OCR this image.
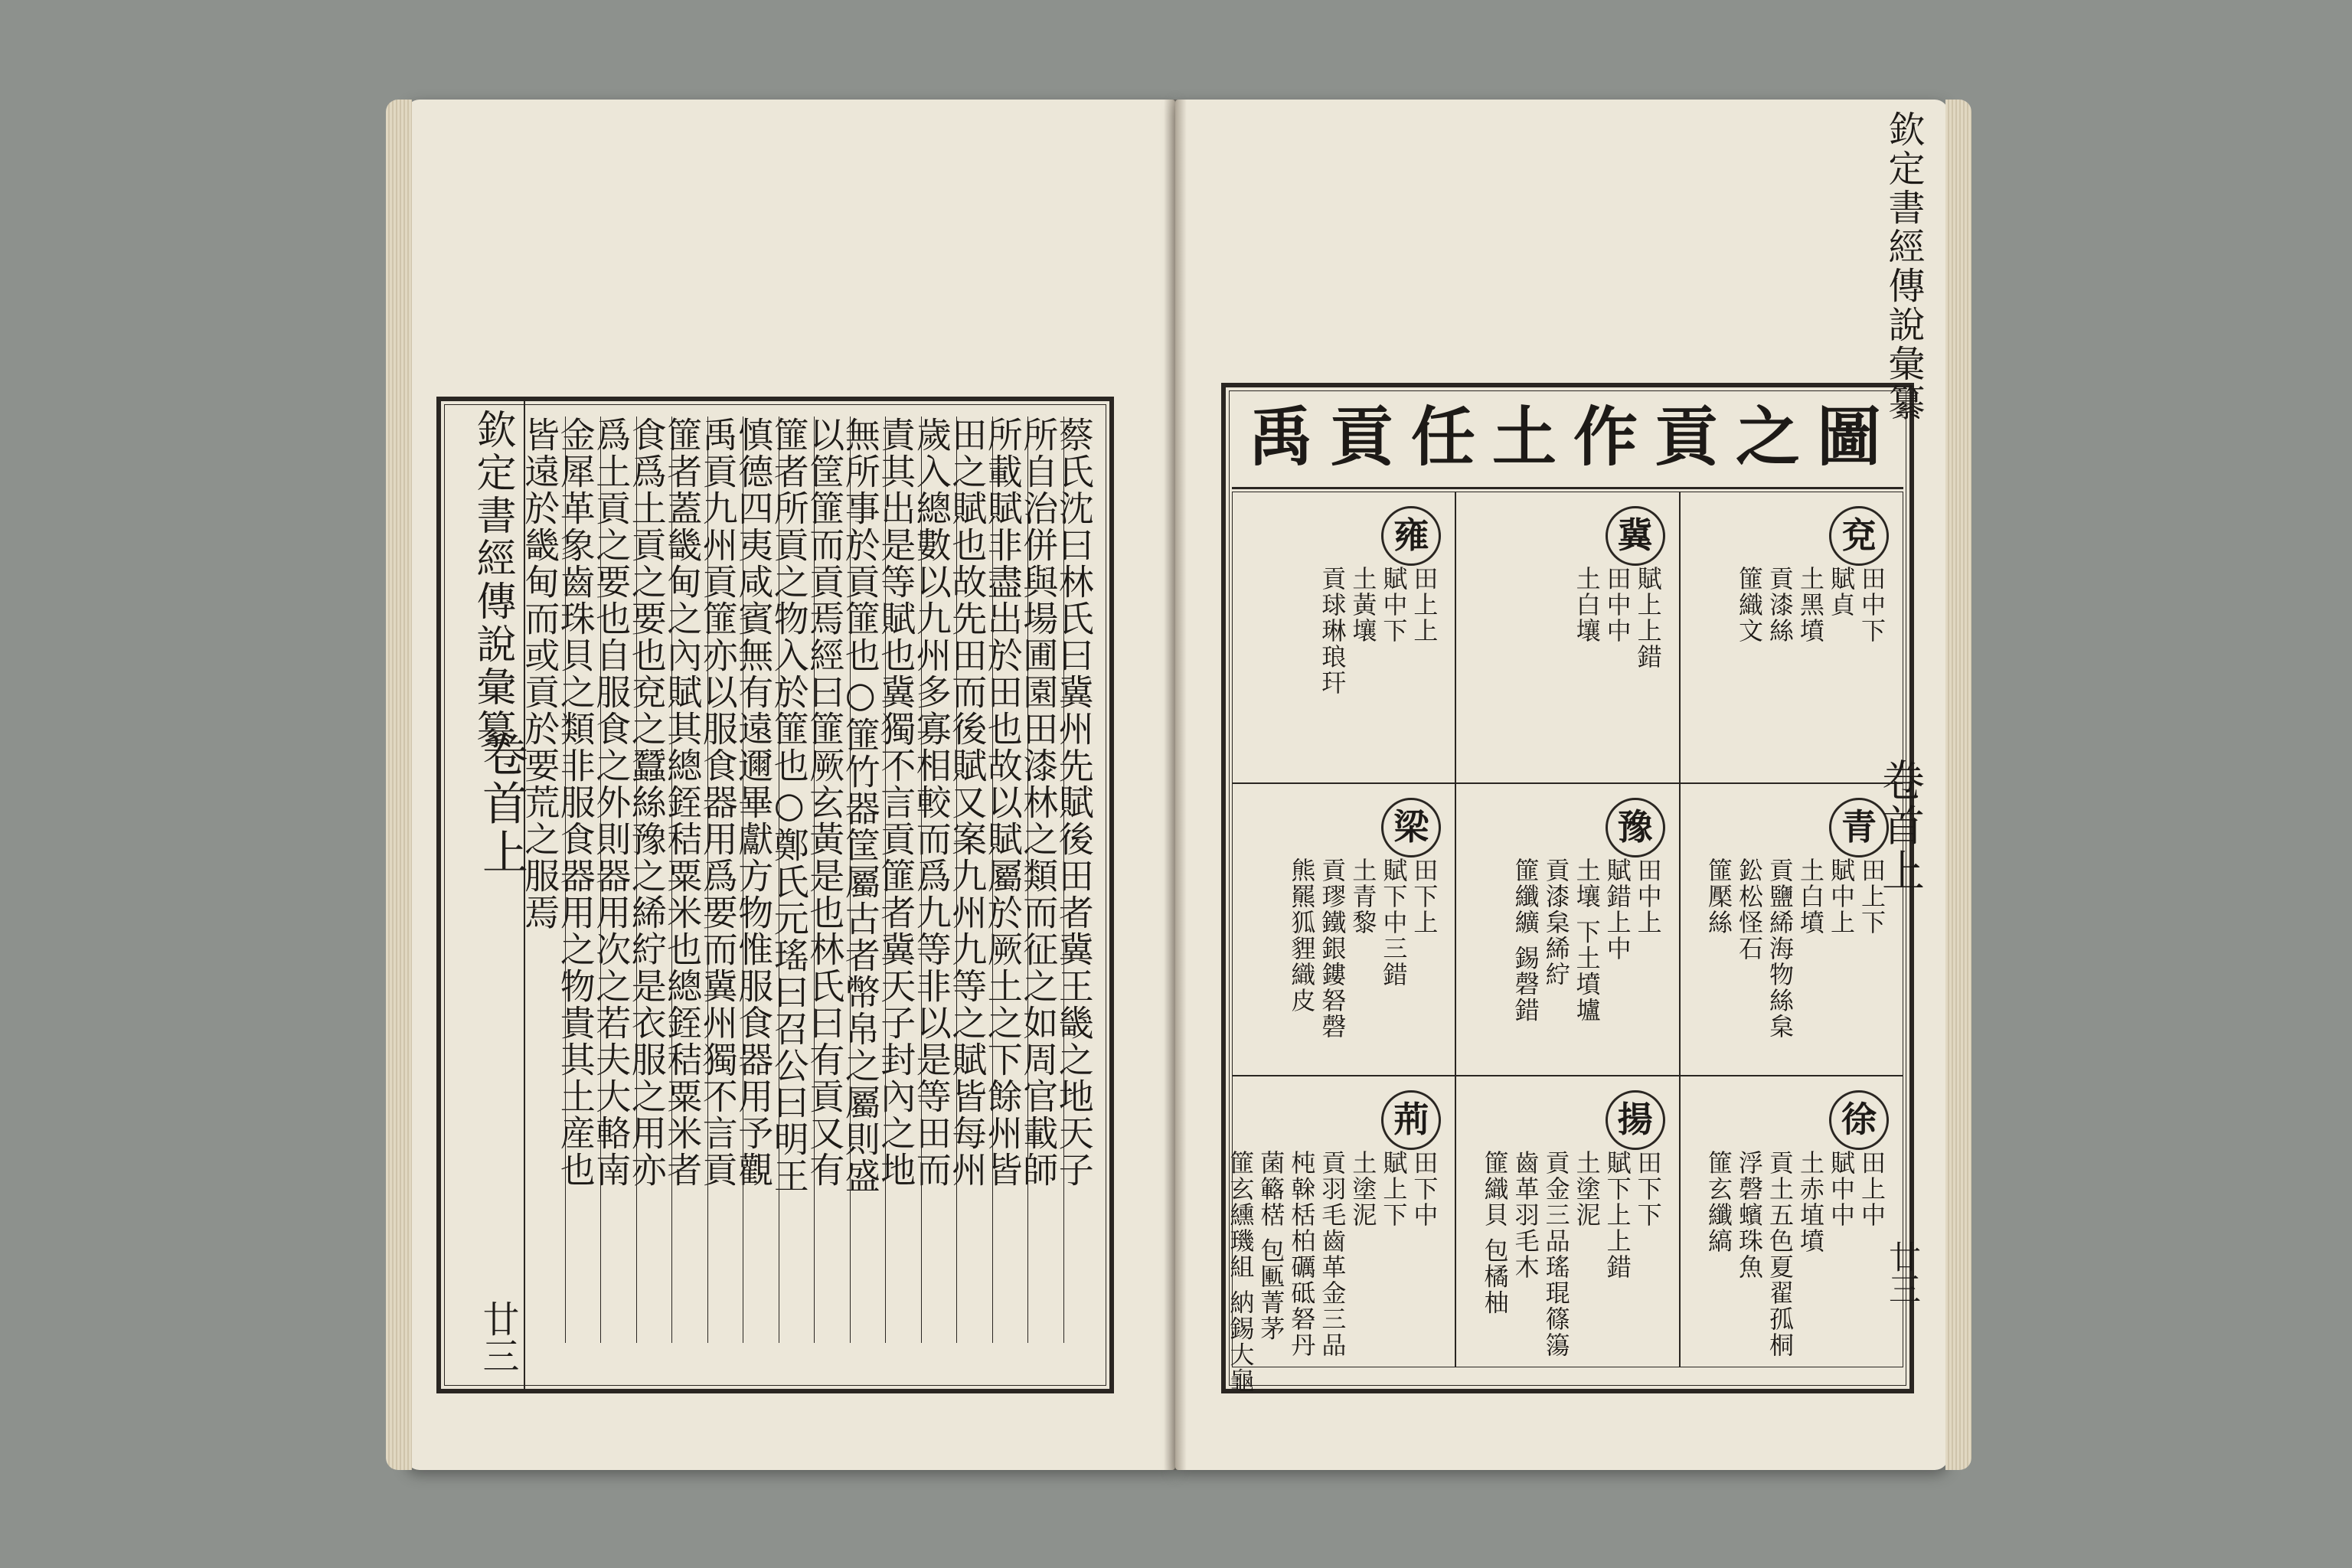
欽定書經傳說彙纂
卷首上
廿三
蔡氏沈曰林氏曰冀州先賦後田者冀王畿之地天子
所自治併與場圃園田漆林之類而征之如周官載師
所載賦非盡出於田也故以賦屬於厥土之下餘州皆
田之賦也故先田而後賦又案九州九等之賦皆每州
歲入總數以九州多寡相較而爲九等非以是等田而
責其出是等賦也冀獨不言貢篚者冀天子封內之地
無所事於貢篚也○篚竹器筐屬古者幣帛之屬則盛
以筐篚而貢焉經曰篚厥玄黃是也林氏曰有貢又有
篚者所貢之物入於篚也○鄭氏元瑤曰召公曰明王
慎德四夷咸賓無有遠邇畢獻方物惟服食器用予觀
禹貢九州貢篚亦以服食器用爲要而冀州獨不言貢
篚者蓋畿甸之內賦其總銍秸粟米也總銍秸粟米者
食爲土貢之要也兗之蠶絲豫之絺紵是衣服之用亦
爲土貢之要也自服食之外則器用次之若夫大輅南
金犀革象齒珠貝之類非服食器用之物貴其土産也
皆遠於畿甸而或貢於要荒之服焉	禹貢任土作貢之圖
兗
田中下
賦貞
土黑墳
貢漆絲
篚織文
冀
賦上上錯
田中中
土白壤
雍
田上上
賦中下
土黃壤
貢球琳琅玕
青
田上下
賦中上
土白墳
貢鹽絺海物絲枲
鈆松怪石
篚檿絲
豫
田中上
賦錯上中
土壤 下土墳壚
貢漆枲絺紵
篚纖纊 錫磬錯
梁
田下上
賦下中三錯
土青黎
貢璆鐵銀鏤砮磬
熊羆狐貍織皮
徐
田上中
賦中中
土赤埴墳
貢土五色夏翟孤桐
浮磬蠙珠魚
篚玄纖縞
揚
田下下
賦下上上錯
土塗泥
貢金三品瑤琨篠簜
齒革羽毛木
篚織貝 包橘柚
荊
田下中
賦上下
土塗泥
貢羽毛齒革金三品
杶榦栝柏礪砥砮丹
菌簵楛 包匭菁茅
篚玄纁璣組 納錫大龜
欽定書經傳說彙纂
卷首上
廿三
